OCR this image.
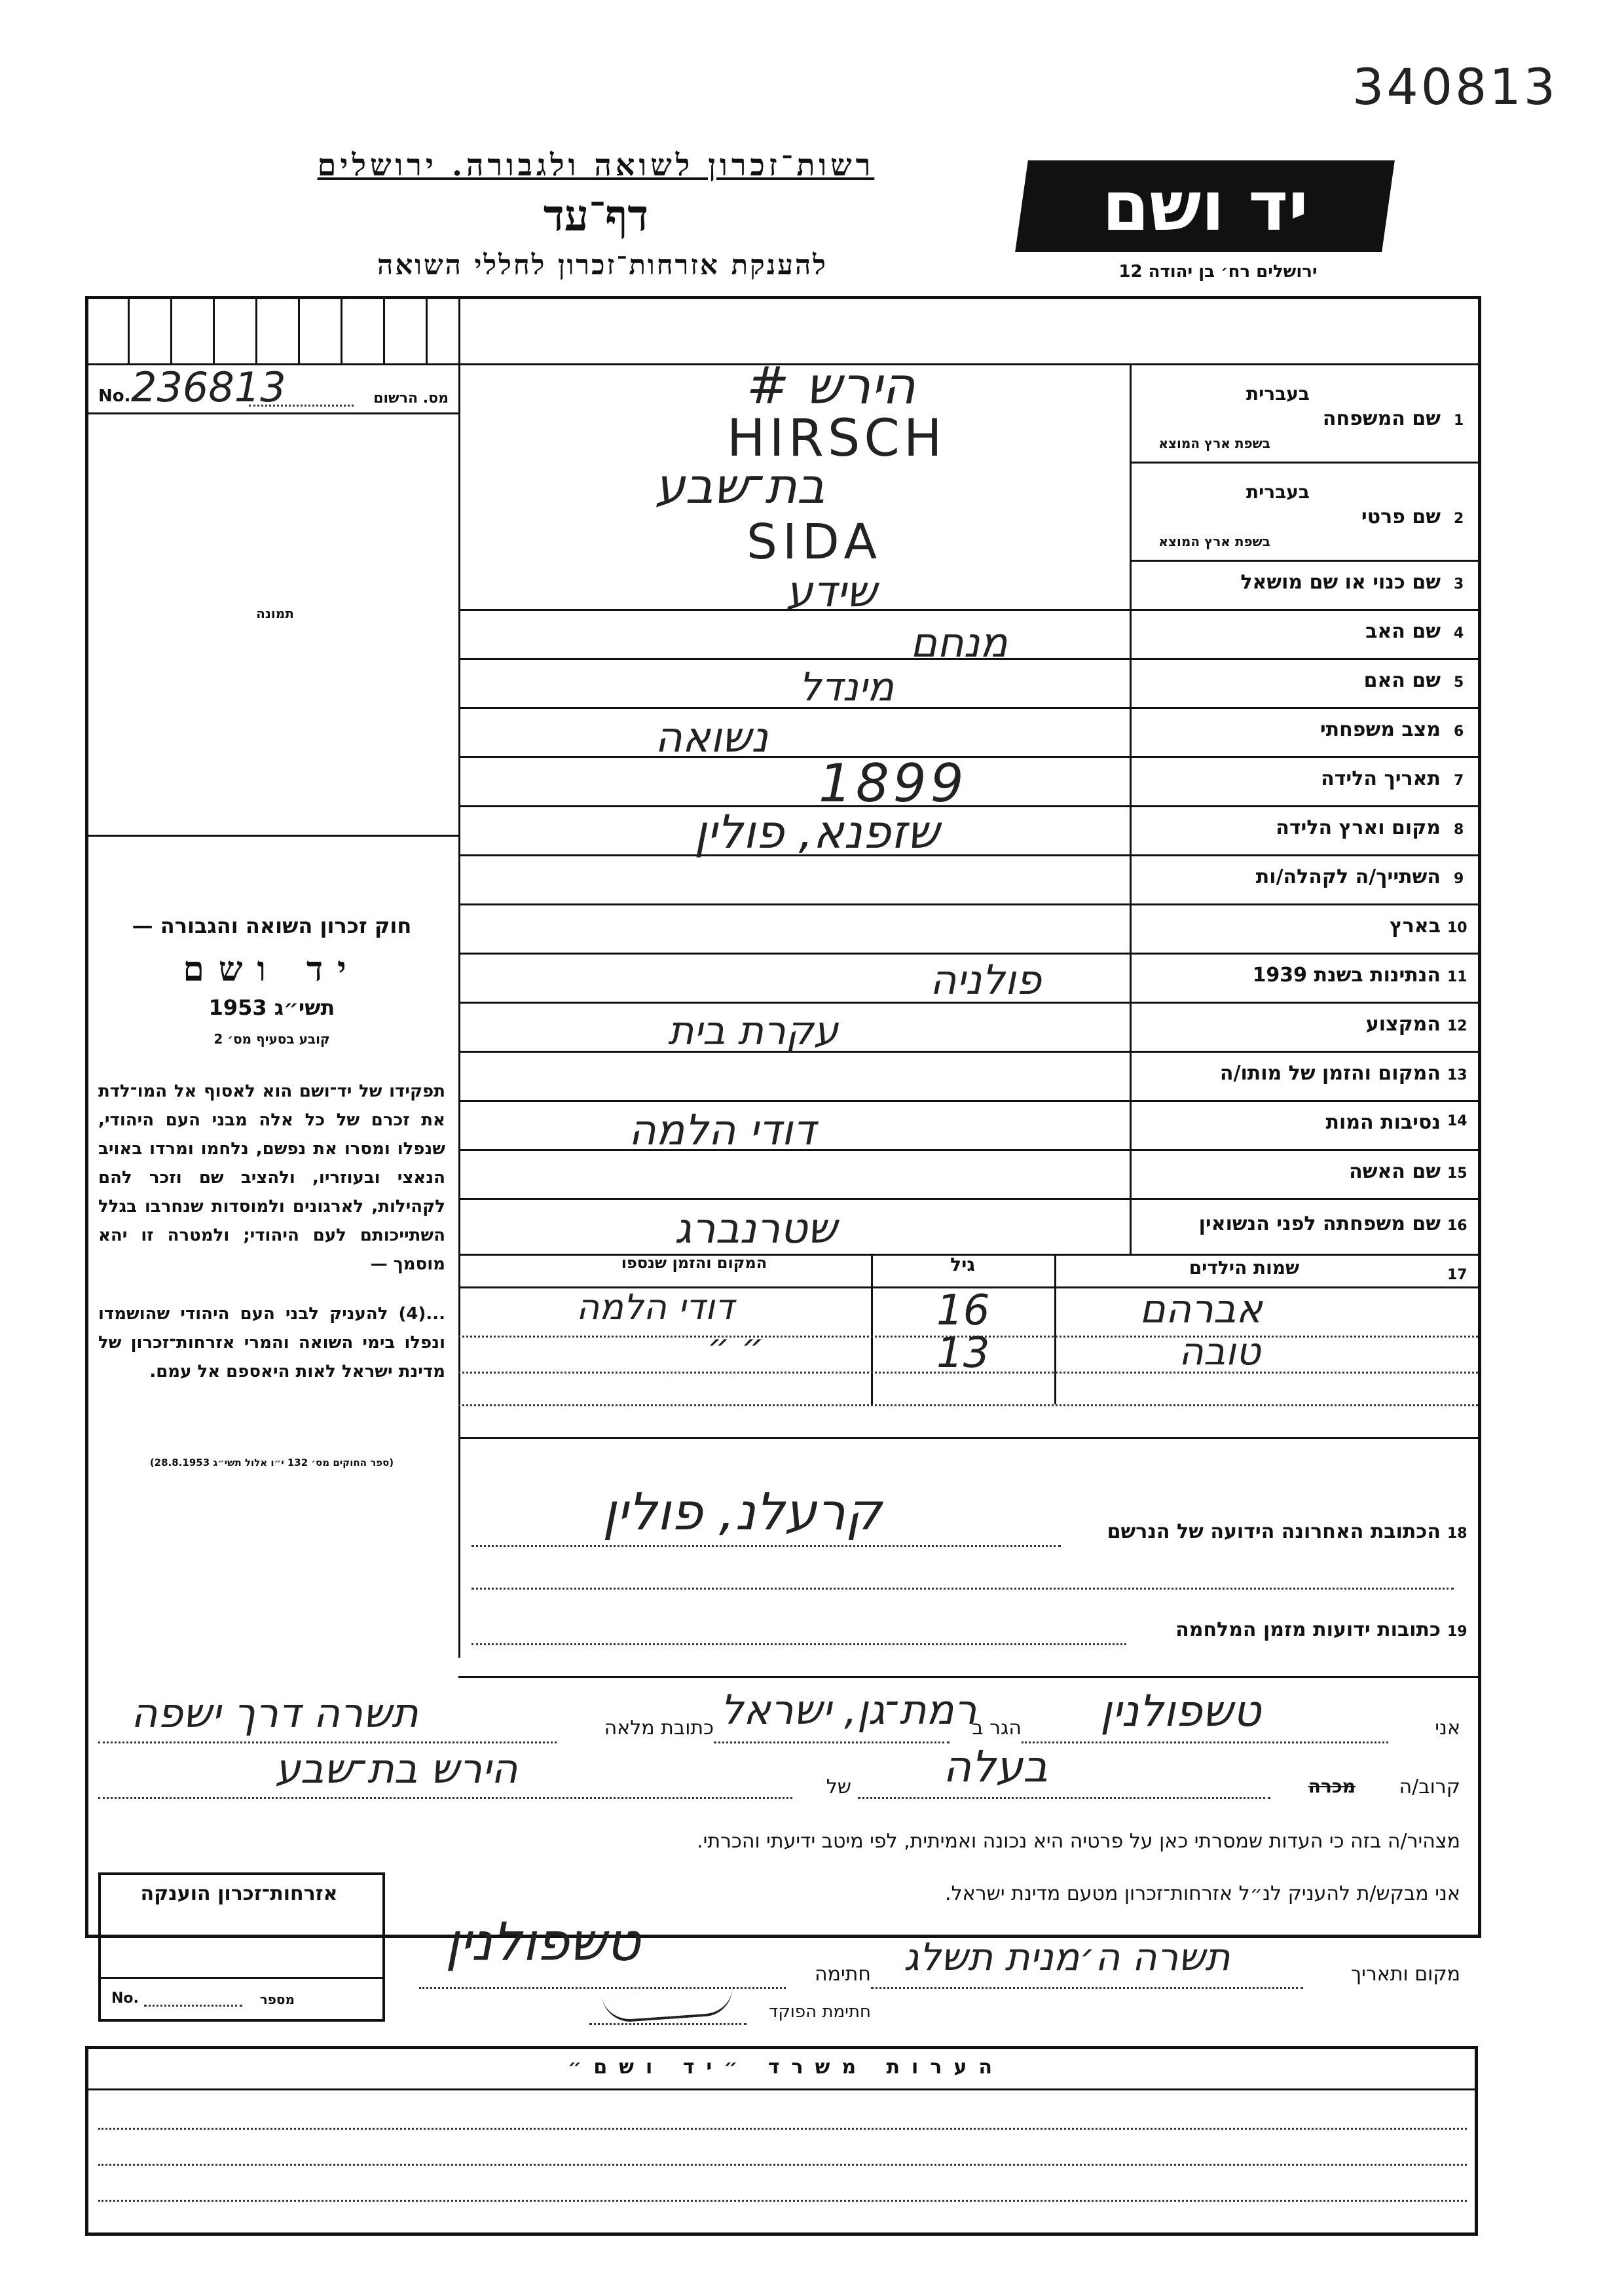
340813
רשות־זכרון לשואה ולגבורה. ירושלים
דף־עד
להענקת אזרחות־זכרון לחללי השואה
יד ושם
ירושלים רח׳ בן יהודה 12
No. 236813	מס. הרשום
תמונה
חוק זכרון השואה והגבורה —
יד ושם
תשי״ג 1953
קובע בסעיף מס׳ 2
תפקידו של יד־ושם הוא לאסוף אל המו־לדת את זכרם של כל אלה מבני העם היהודי, שנפלו ומסרו את נפשם, נלחמו ומרדו באויב הנאצי ובעוזריו, ולהציב שם וזכר להם לקהילות, לארגונים ולמוסדות שנחרבו בגלל השתייכותם לעם היהודי; ולמטרה זו יהא מוסמך —
...(4) להעניק לבני העם היהודי שהושמדו ונפלו בימי השואה והמרי אזרחות־זכרון של מדינת ישראל לאות היאספם אל עמם.
(ספר החוקים מס׳ 132 י״ו אלול תשי״ג 28.8.1953)
1
בעברית
שם המשפחה
בשפת ארץ המוצא
2
בעברית
שם פרטי
בשפת ארץ המוצא
3
שם כנוי או שם מושאל
4
שם האב
5
שם האם
6
מצב משפחתי
7
תאריך הלידה
8
מקום וארץ הלידה
9
השתייך/ה לקהלה/ות
10
בארץ
11
הנתינות בשנת 1939
12
המקצוע
13
המקום והזמן של מותו/ה
14
נסיבות המות
15
שם האשה
16
שם משפחתה לפני הנשואין
הירש #
HIRSCH
בת־שבע
SIDA
שידע
מנחם
מינדל
נשואה
1899
שזפנא, פולין
פולניה
עקרת בית
דודי הלמה
שטרנברג
17
שמות הילדים
גיל
המקום והזמן שנספו
אברהם
16
דודי הלמה
טובה
13
״ ״
18
הכתובת האחרונה הידועה של הנרשם
קרעלנ, פולין
19
כתובות ידועות מזמן המלחמה
אני
טשפולנין
הגר ב
רמת־גן, ישראל
כתובת מלאה
תשרה דרך ישפה
קרוב/ה
מכרה
בעלה
של
הירש בת־שבע
מצהיר/ה בזה כי העדות שמסרתי כאן על פרטיה היא נכונה ואמיתית, לפי מיטב ידיעתי והכרתי.
אני מבקש/ת להעניק לנ״ל אזרחות־זכרון מטעם מדינת ישראל.
מקום ותאריך
תשרה ה׳מנית תשלג
חתימה
טשפולנין
חתימת הפוקד
אזרחות־זכרון הוענקה
No.	מספר
הערות משרד ״יד ושם״
